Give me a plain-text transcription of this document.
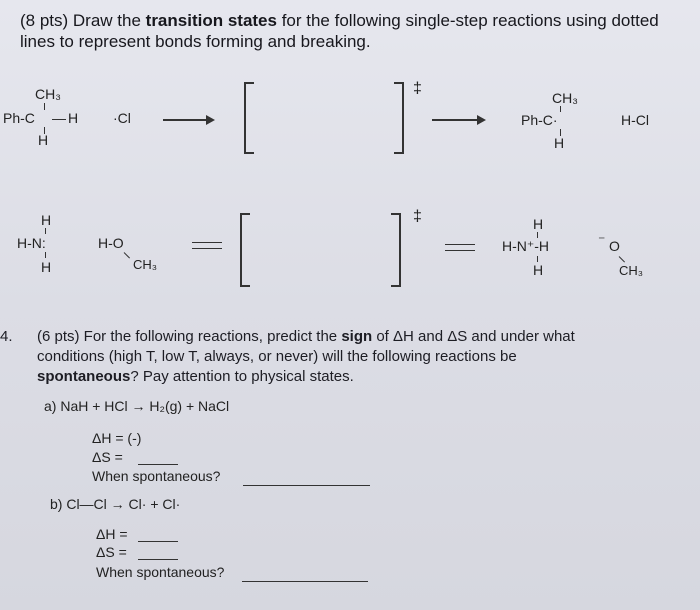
(8 pts) Draw the transition states for the following single-step reactions using dotted
lines to represent bonds forming and breaking.
CH₃
Ph-C H
H
·Cl
‡
CH₃
Ph-C·
H
H-Cl
H
H-N:
H
H-O
CH₃
‡	H
H-N⁺-H
H
⁻ O
CH₃
4. (6 pts) For the following reactions, predict the sign of ΔH and ΔS and under what
conditions (high T, low T, always, or never) will the following reactions be
spontaneous? Pay attention to physical states.
a) NaH + HCl → H₂(g) + NaCl
ΔH = (-)
ΔS =
When spontaneous?
b) Cl—Cl → Cl· + Cl·
ΔH =
ΔS =
When spontaneous?
